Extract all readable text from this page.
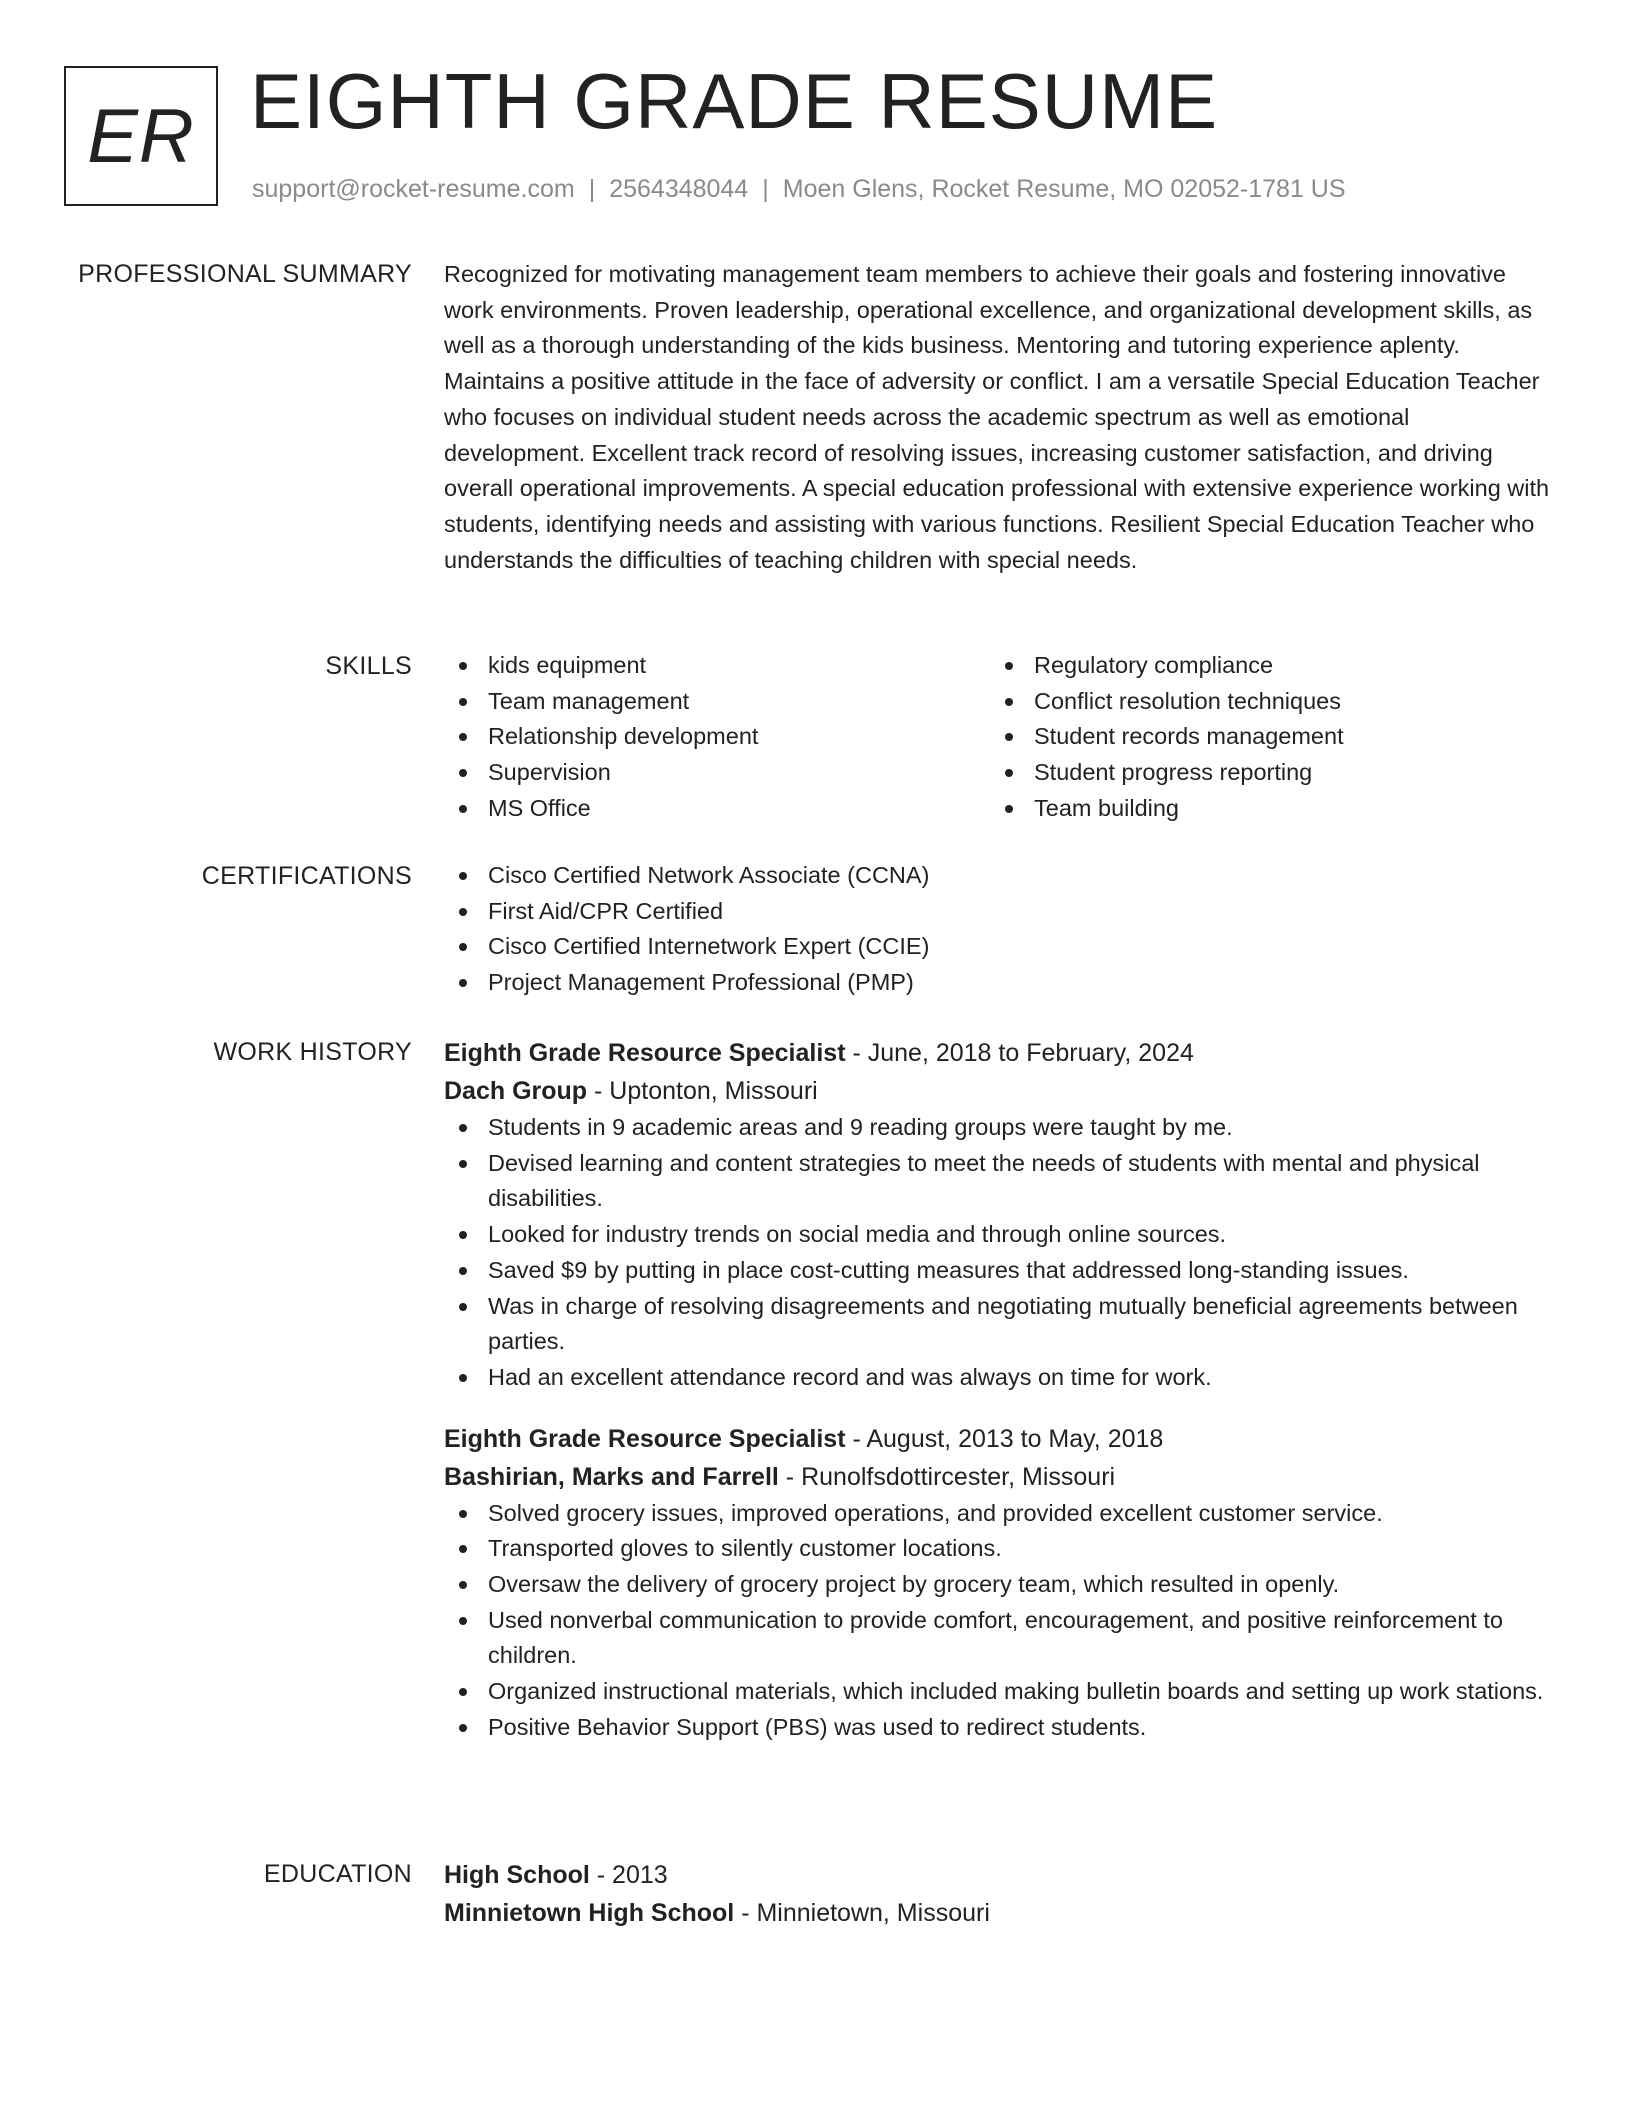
ER EIGHTH GRADE RESUME
support@rocket-resume.com | 2564348044 | Moen Glens, Rocket Resume, MO 02052-1781 US
PROFESSIONAL SUMMARY Recognized for motivating management team members to achieve their goals and fostering innovative work environments. Proven leadership, operational excellence, and organizational development skills, as well as a thorough understanding of the kids business. Mentoring and tutoring experience aplenty. Maintains a positive attitude in the face of adversity or conflict. I am a versatile Special Education Teacher who focuses on individual student needs across the academic spectrum as well as emotional development. Excellent track record of resolving issues, increasing customer satisfaction, and driving overall operational improvements. A special education professional with extensive experience working with students, identifying needs and assisting with various functions. Resilient Special Education Teacher who understands the difficulties of teaching children with special needs.

SKILLS	kids equipment
Team management
Relationship development
Supervision
MS Office
Regulatory compliance
Conflict resolution techniques
Student records management
Student progress reporting
Team building
CERTIFICATIONS	Cisco Certified Network Associate (CCNA)
First Aid/CPR Certified
Cisco Certified Internetwork Expert (CCIE)
Project Management Professional (PMP)
WORK HISTORY Eighth Grade Resource Specialist - June, 2018 to February, 2024
Dach Group - Uptonton, Missouri
Students in 9 academic areas and 9 reading groups were taught by me.
Devised learning and content strategies to meet the needs of students with mental and physical disabilities.
Looked for industry trends on social media and through online sources.
Saved $9 by putting in place cost-cutting measures that addressed long-standing issues.
Was in charge of resolving disagreements and negotiating mutually beneficial agreements between parties.
Had an excellent attendance record and was always on time for work.
Eighth Grade Resource Specialist - August, 2013 to May, 2018
Bashirian, Marks and Farrell - Runolfsdottircester, Missouri
Solved grocery issues, improved operations, and provided excellent customer service.
Transported gloves to silently customer locations.
Oversaw the delivery of grocery project by grocery team, which resulted in openly.
Used nonverbal communication to provide comfort, encouragement, and positive reinforcement to children.
Organized instructional materials, which included making bulletin boards and setting up work stations.
Positive Behavior Support (PBS) was used to redirect students.
EDUCATION High School - 2013
Minnietown High School - Minnietown, Missouri
